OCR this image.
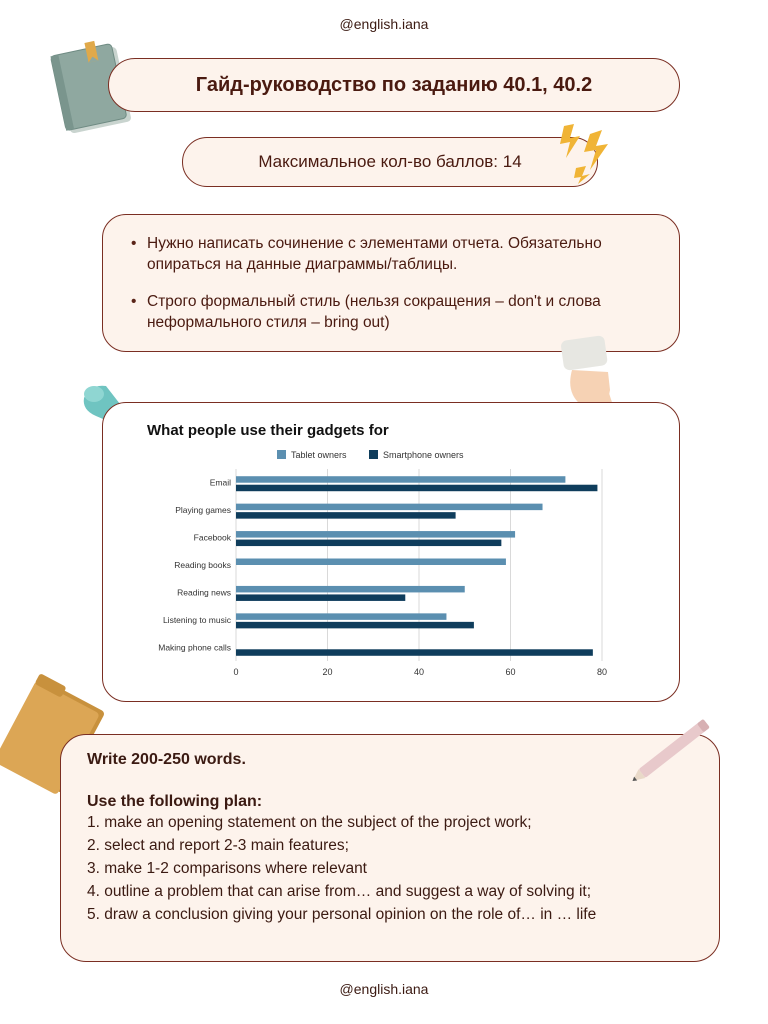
@english.iana
Гайд-руководство по заданию 40.1, 40.2
Максимальное кол-во баллов: 14
• Нужно написать сочинение с элементами отчета. Обязательно опираться на данные диаграммы/таблицы.
• Строго формальный стиль (нельзя сокращения – don't и слова неформального стиля – bring out)
What people use their gadgets for
Tablet owners	Smartphone owners
0	20	40	60	80
Email
Playing games
Facebook
Reading books
Reading news
Listening to music
Making phone calls
Write 200-250 words.
Use the following plan:
1. make an opening statement on the subject of the project work;
2. select and report 2-3 main features;
3. make 1-2 comparisons where relevant
4. outline a problem that can arise from… and suggest a way of solving it;
5. draw a conclusion giving your personal opinion on the role of… in … life
@english.iana
